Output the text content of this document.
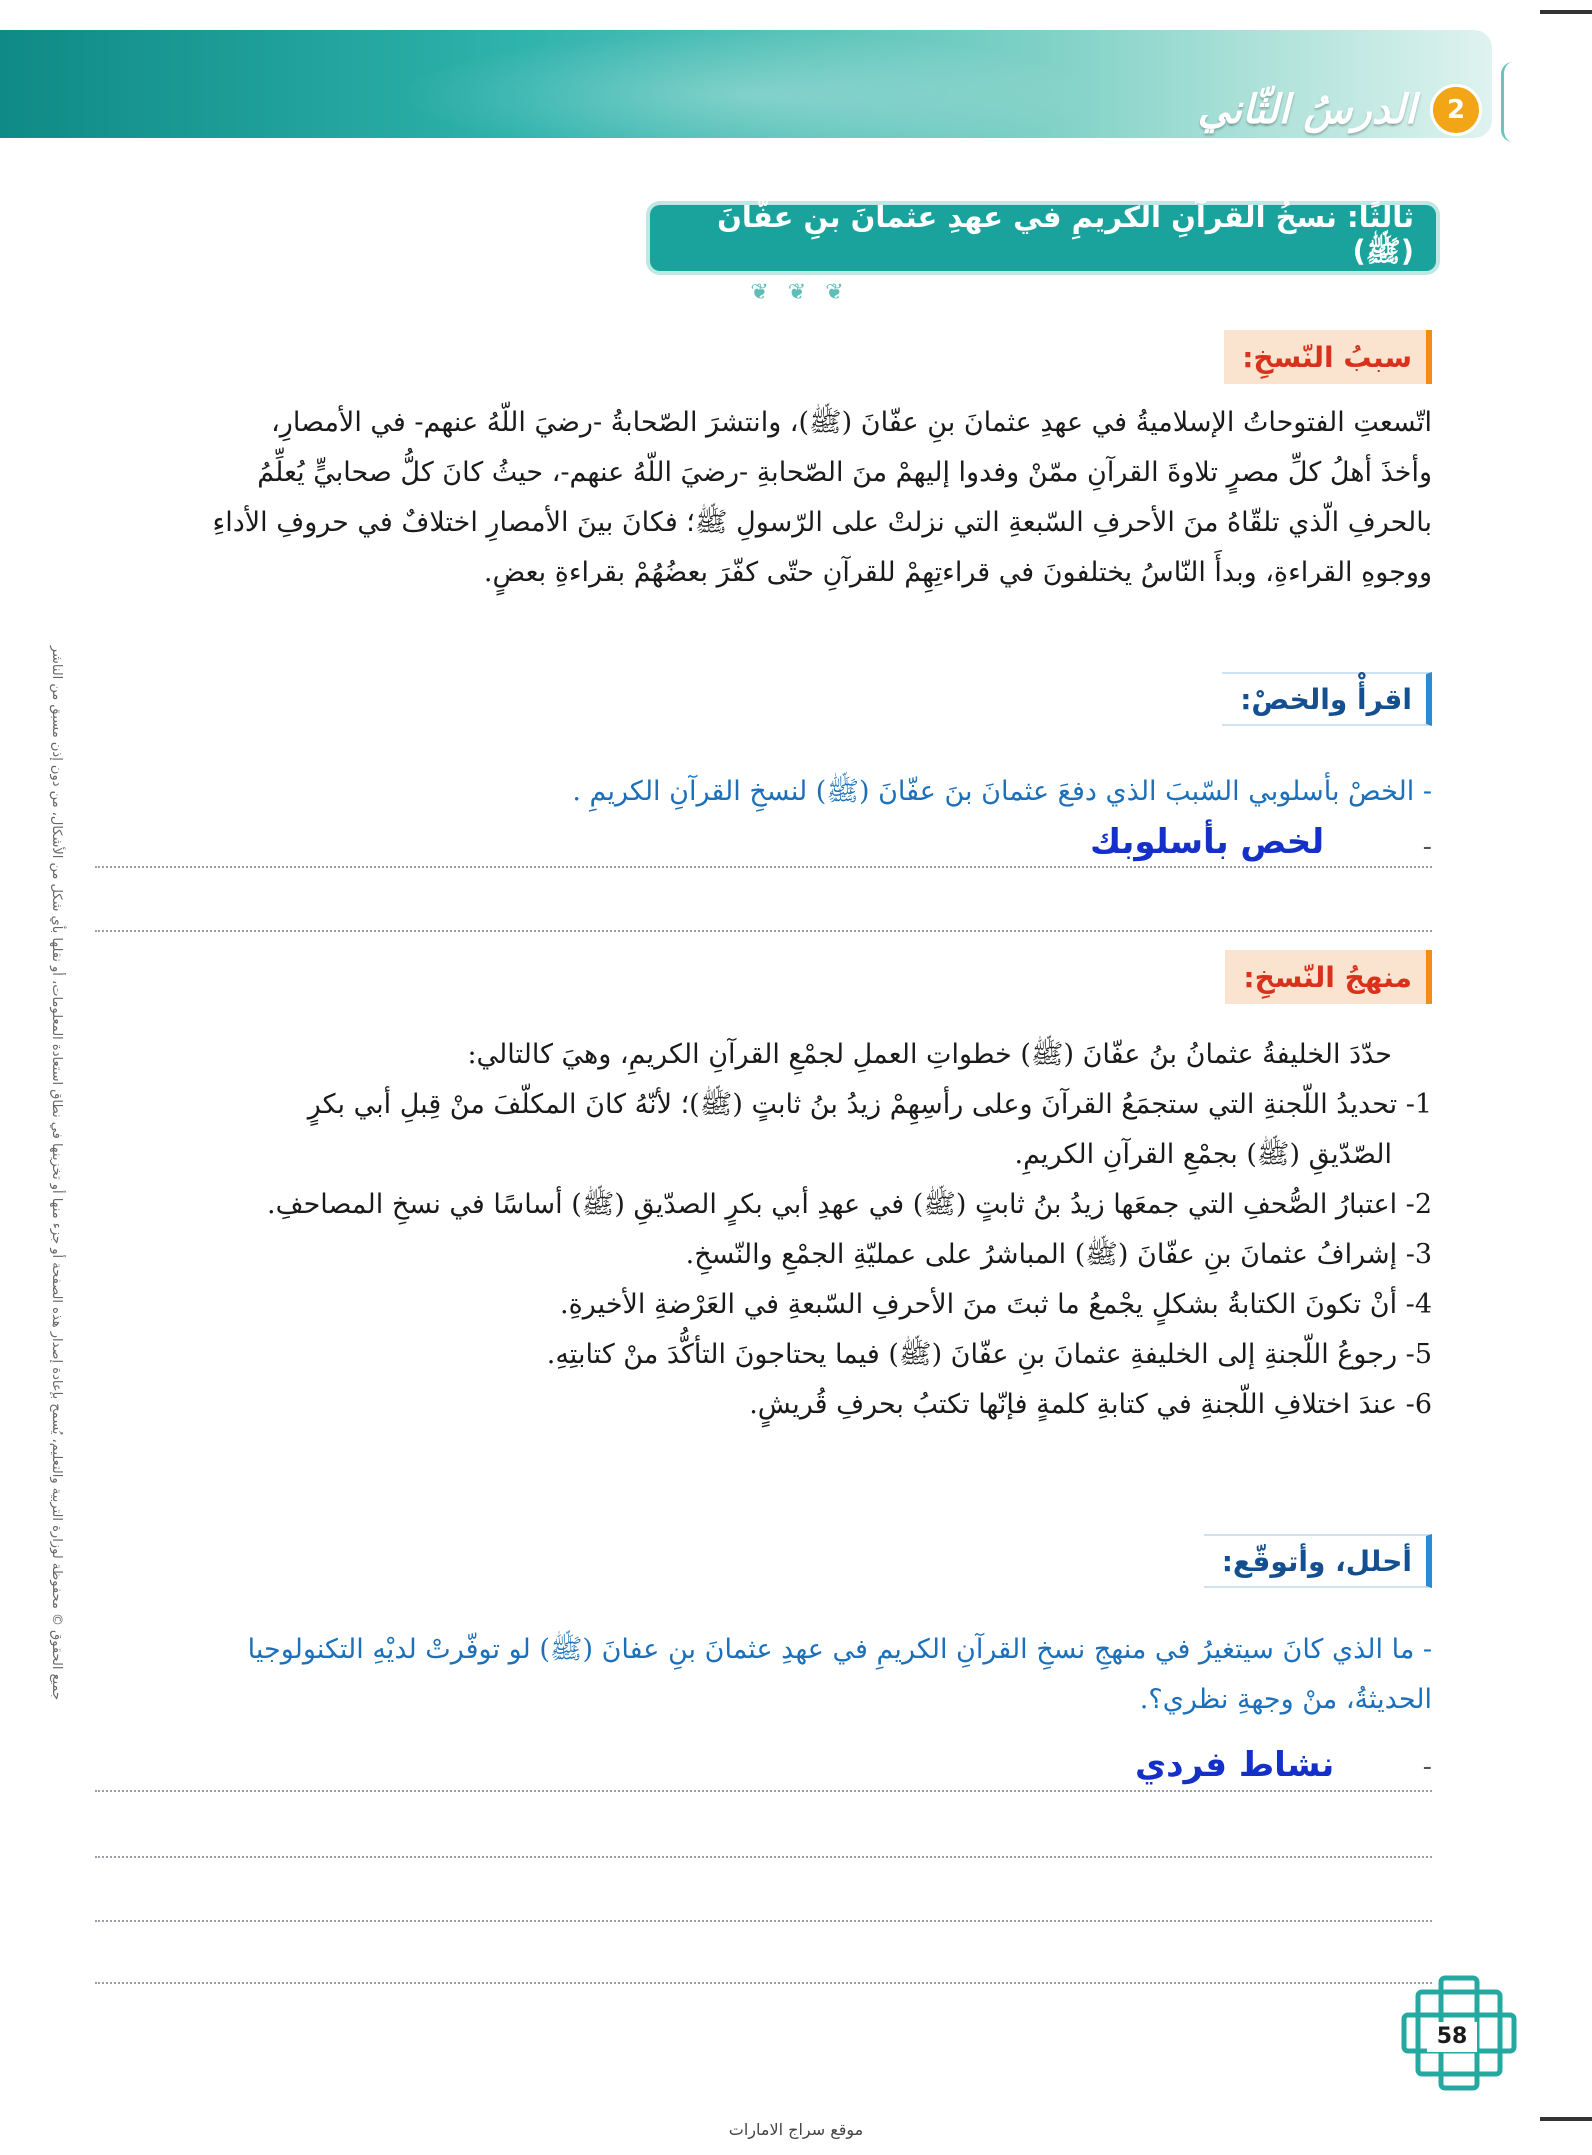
2
الدرسُ الثّاني
ثالثًا: نسخُ القرآنِ الكريمِ في عهدِ عثمانَ بنِ عفّانَ (ﷺ)
❦ ❦ ❦
سببُ النّسخِ:

اتّسعتِ الفتوحاتُ الإسلاميةُ في عهدِ عثمانَ بنِ عفّانَ (ﷺ)، وانتشرَ الصّحابةُ -رضيَ اللّهُ عنهم- في الأمصارِ،

وأخذَ أهلُ كلِّ مصرٍ تلاوةَ القرآنِ ممّنْ وفدوا إليهمْ منَ الصّحابةِ -رضيَ اللّهُ عنهم-، حيثُ كانَ كلُّ صحابيٍّ يُعلِّمُ

بالحرفِ الّذي تلقّاهُ منَ الأحرفِ السّبعةِ التي نزلتْ على الرّسولِ ﷺ؛ فكانَ بينَ الأمصارِ اختلافٌ في حروفِ الأداءِ

ووجوهِ القراءةِ، وبدأَ النّاسُ يختلفونَ في قراءتِهِمْ للقرآنِ حتّى كفّرَ بعضُهُمْ بقراءةِ بعضٍ.

اقرأْ والخصْ:
- الخصْ بأسلوبي السّببَ الذي دفعَ عثمانَ بنَ عفّانَ (ﷺ) لنسخِ القرآنِ الكريمِ .
-
لخص بأسلوبك
منهجُ النّسخِ:

حدّدَ الخليفةُ عثمانُ بنُ عفّانَ (ﷺ) خطواتِ العملِ لجمْعِ القرآنِ الكريمِ، وهيَ كالتالي:

1- تحديدُ اللّجنةِ التي ستجمَعُ القرآنَ وعلى رأسِهِمْ زيدُ بنُ ثابتٍ (ﷺ)؛ لأنّهُ كانَ المكلّفَ منْ قِبلِ أبي بكرٍ

الصّدّيقِ (ﷺ) بجمْعِ القرآنِ الكريمِ.

2- اعتبارُ الصُّحفِ التي جمعَها زيدُ بنُ ثابتٍ (ﷺ) في عهدِ أبي بكرٍ الصدّيقِ (ﷺ) أساسًا في نسخِ المصاحفِ.

3- إشرافُ عثمانَ بنِ عفّانَ (ﷺ) المباشرُ على عمليّةِ الجمْعِ والنّسخِ.

4- أنْ تكونَ الكتابةُ بشكلٍ يجْمعُ ما ثبتَ منَ الأحرفِ السّبعةِ في العَرْضةِ الأخيرةِ.

5- رجوعُ اللّجنةِ إلى الخليفةِ عثمانَ بنِ عفّانَ (ﷺ) فيما يحتاجونَ التأكُّدَ منْ كتابتِهِ.

6- عندَ اختلافِ اللّجنةِ في كتابةِ كلمةٍ فإنّها تكتبُ بحرفِ قُريشٍ.

أحلل، وأتوقّع:

- ما الذي كانَ سيتغيرُ في منهجِ نسخِ القرآنِ الكريمِ في عهدِ عثمانَ بنِ عفانَ (ﷺ) لو توفّرتْ لديْهِ التكنولوجيا

الحديثةُ، منْ وجهةِ نظري؟.

-
نشاط فردي
جميع الحقوق © محفوظة لوزارة التربية والتعليم، يُسمح بإعادة إصدار هذه الصفحة أو جزء منها أو تخزينها في نطاق استعادة المعلومات، أو نقلها بأي شكل من الأشكال، من دون إذن مسبق من الناشر
58
موقع سراج الامارات
